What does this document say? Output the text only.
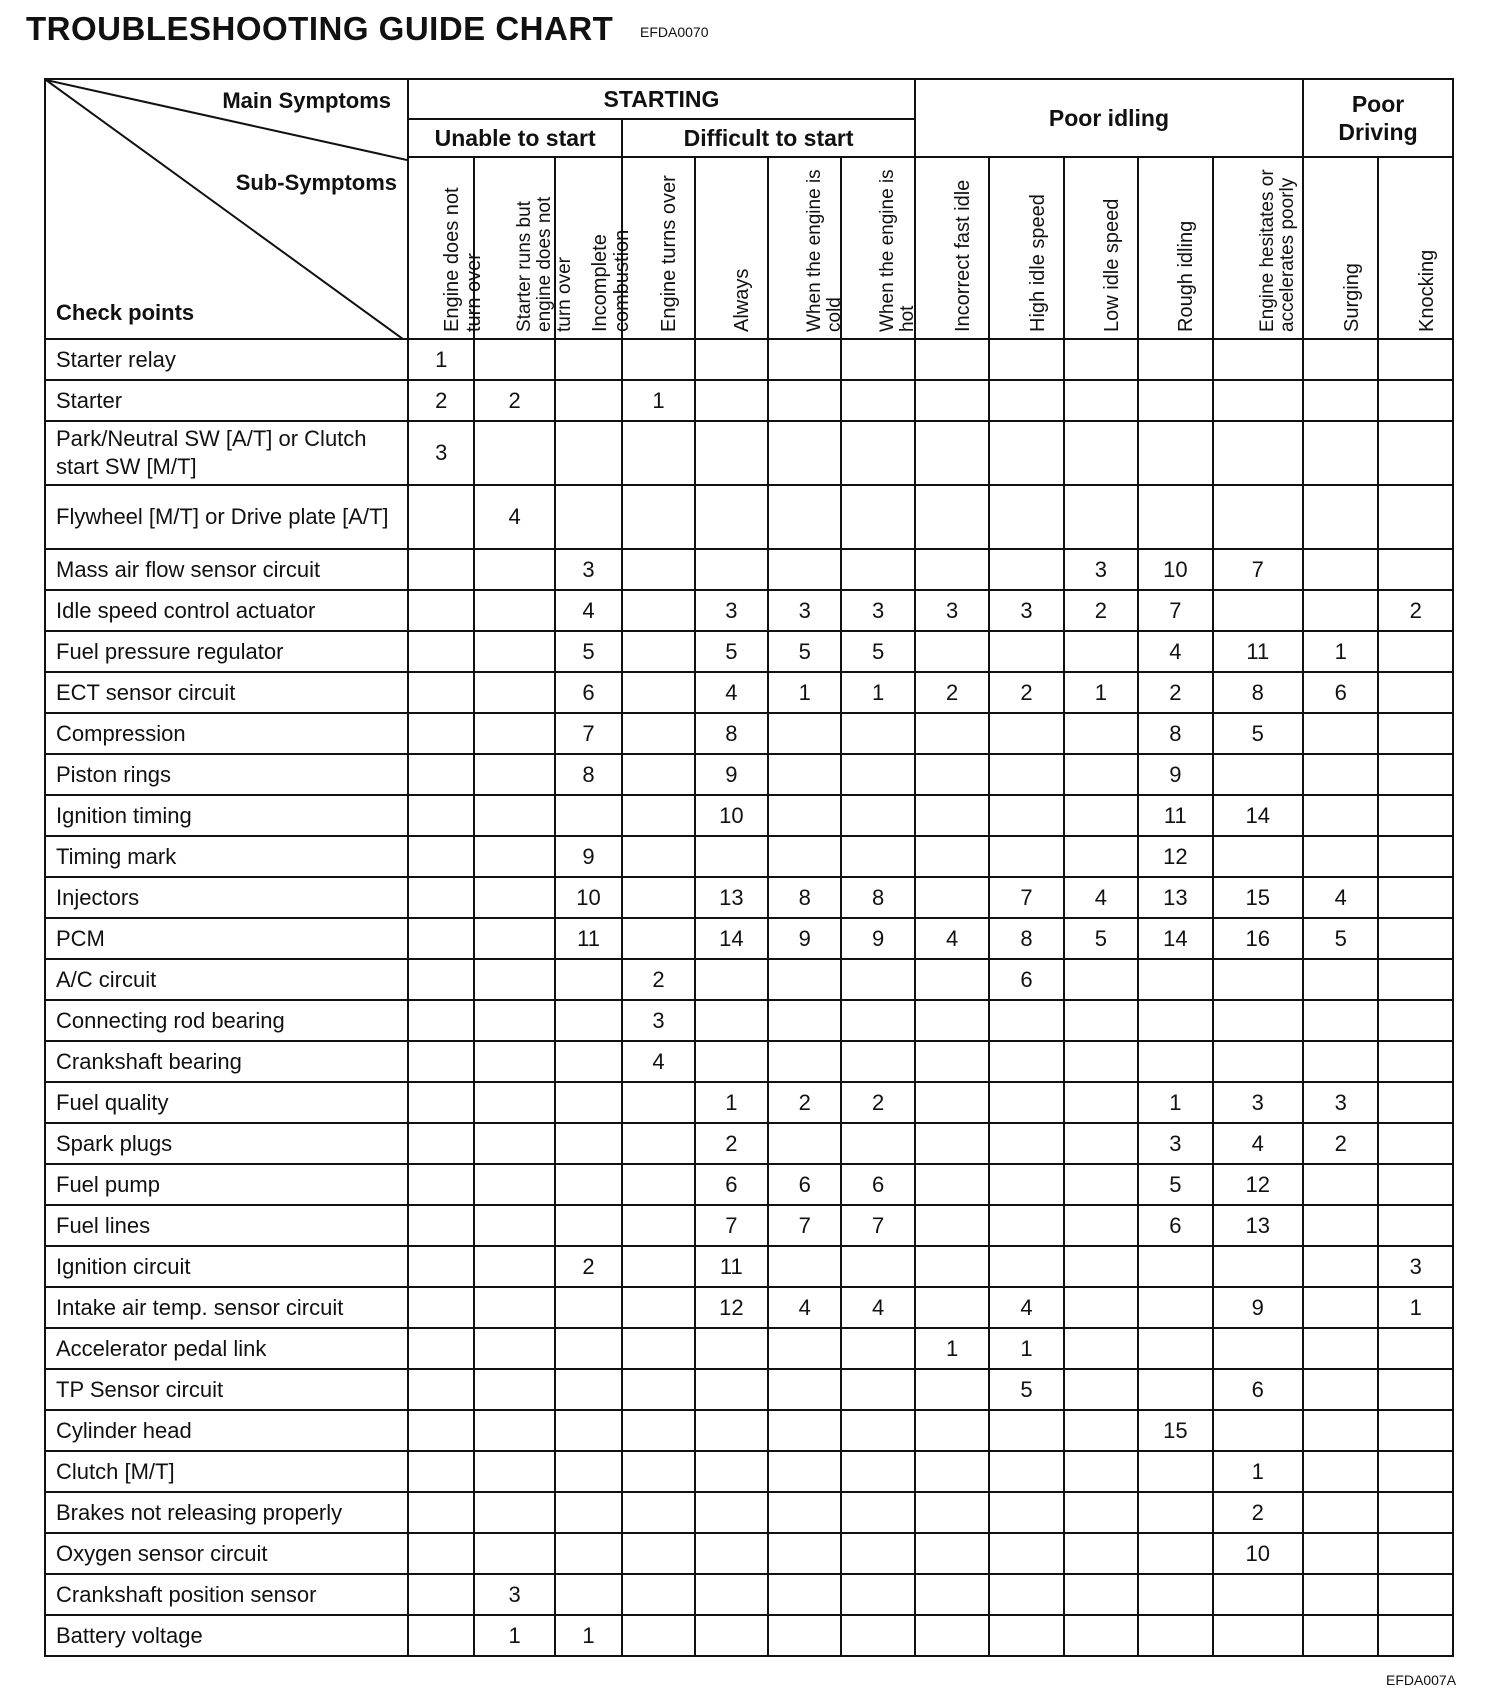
TROUBLESHOOTING GUIDE CHART EFDA0070
Main Symptoms
Sub-Symptoms
Check points	STARTING							Poor idling					Poor Driving	
	Unable to start			Difficult to start										

	Engine does not turn over	Starter runs but engine does not turn over	Incomplete combustion	Engine turns over	Always	When the engine is cold	When the engine is hot	Incorrect fast idle	High idle speed	Low idle speed	Rough idling	Engine hesitates or accelerates poorly	Surging	Knocking

Starter relay	1													
Starter	2	2		1										
Park/Neutral SW [A/T] or Clutch start SW [M/T]	3													
Flywheel [M/T] or Drive plate [A/T]		4												
Mass air flow sensor circuit			3							3	10	7		
Idle speed control actuator			4		3	3	3	3	3	2	7			2
Fuel pressure regulator			5		5	5	5				4	11	1	
ECT sensor circuit			6		4	1	1	2	2	1	2	8	6	
Compression			7		8						8	5		
Piston rings			8		9						9			
Ignition timing					10						11	14		
Timing mark			9								12			
Injectors			10		13	8	8		7	4	13	15	4	
PCM			11		14	9	9	4	8	5	14	16	5	
A/C circuit				2					6					
Connecting rod bearing				3										
Crankshaft bearing				4										
Fuel quality					1	2	2				1	3	3	
Spark plugs					2						3	4	2	
Fuel pump					6	6	6				5	12		
Fuel lines					7	7	7				6	13		
Ignition circuit			2		11									3
Intake air temp. sensor circuit					12	4	4		4			9		1
Accelerator pedal link								1	1					
TP Sensor circuit									5			6		
Cylinder head											15			
Clutch [M/T]												1		
Brakes not releasing properly												2		
Oxygen sensor circuit												10		
Crankshaft position sensor		3												
Battery voltage		1	1											
EFDA007A
